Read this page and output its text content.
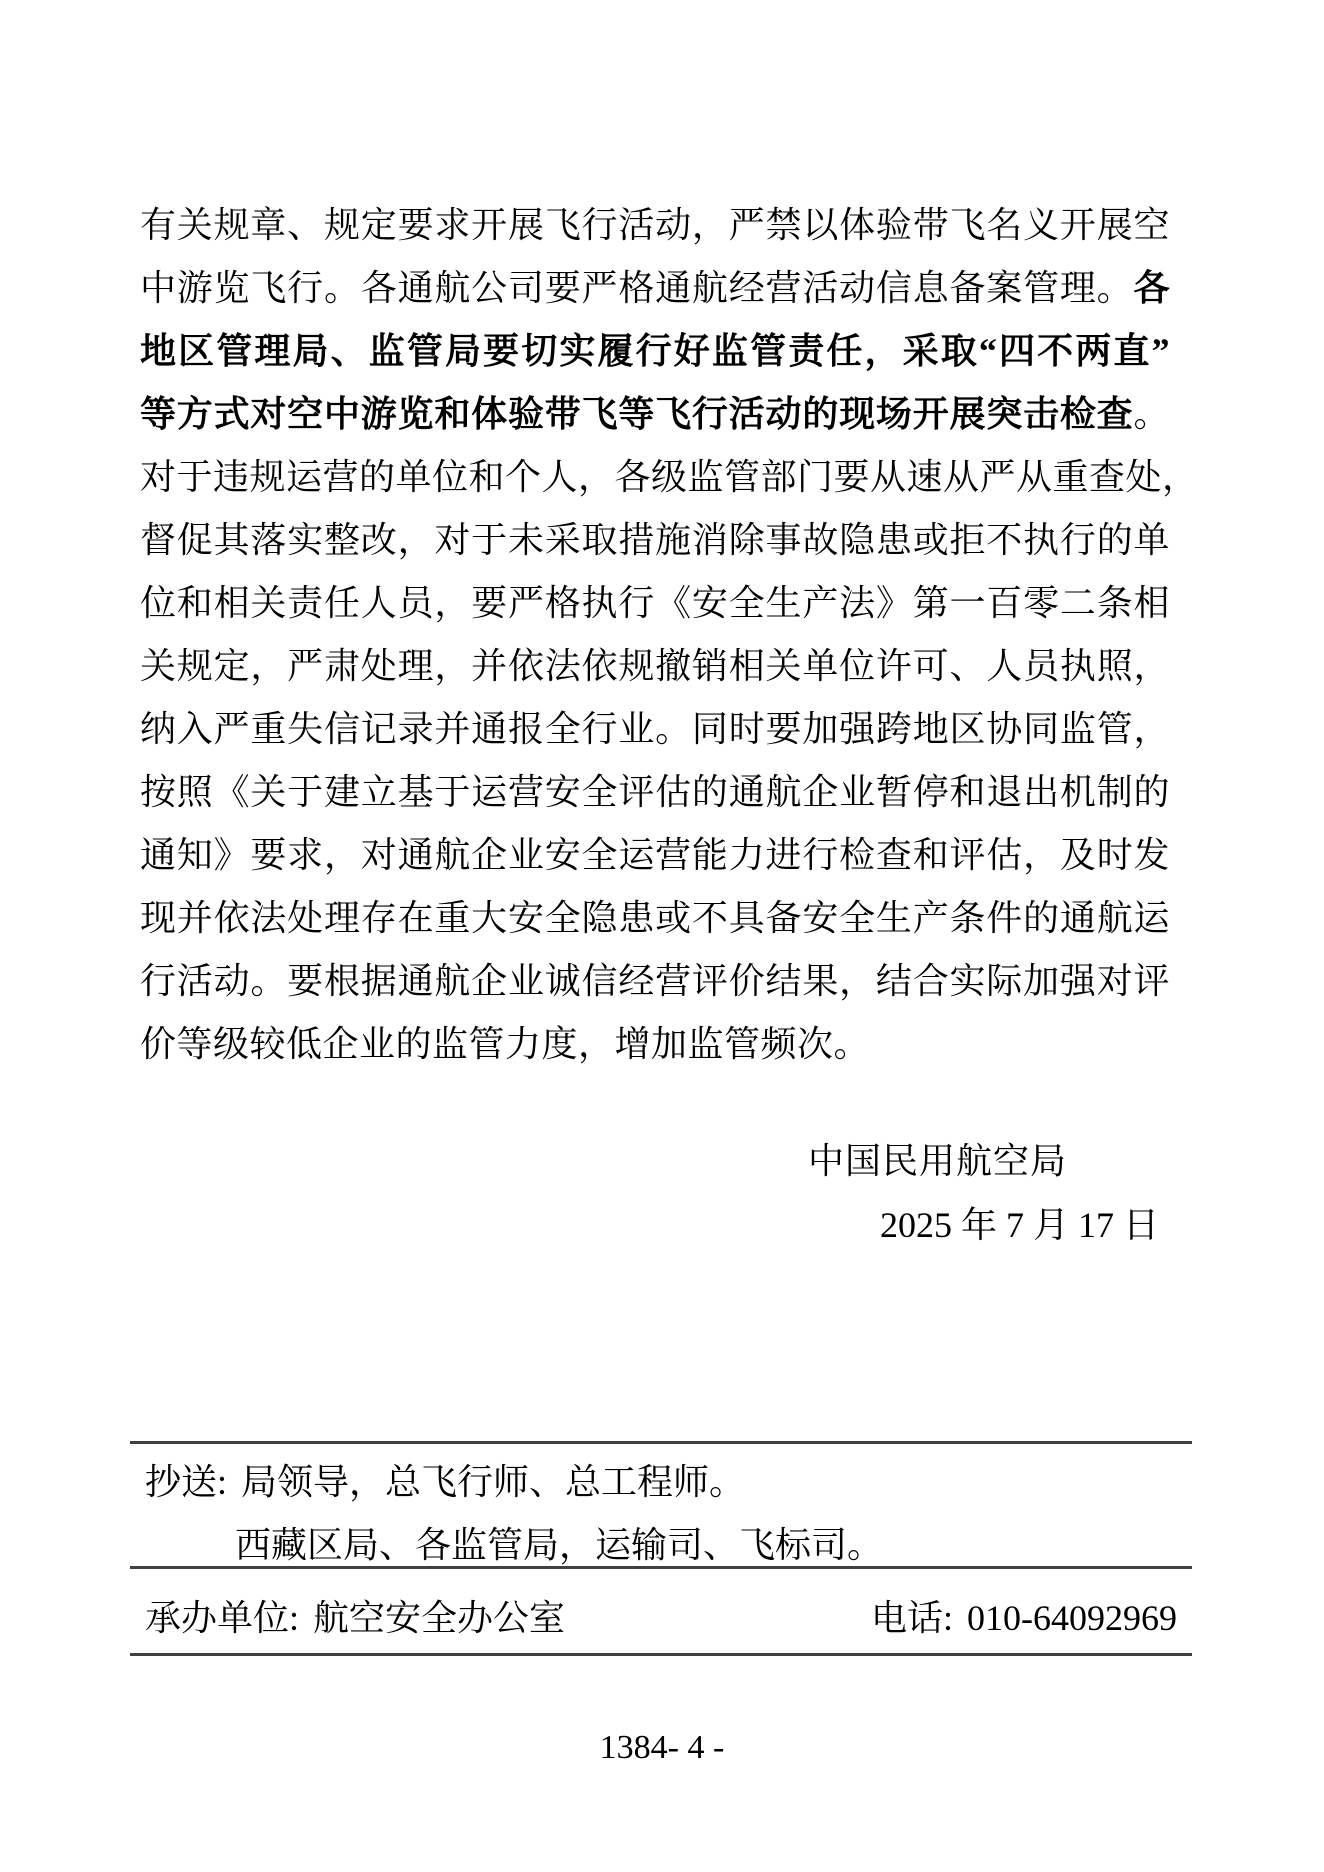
有关规章、规定要求开展飞行活动，严禁以体验带飞名义开展空
中游览飞行。各通航公司要严格通航经营活动信息备案管理。各
地区管理局、监管局要切实履行好监管责任，采取“四不两直”
等方式对空中游览和体验带飞等飞行活动的现场开展突击检查。
对于违规运营的单位和个人，各级监管部门要从速从严从重查处，
督促其落实整改，对于未采取措施消除事故隐患或拒不执行的单
位和相关责任人员，要严格执行《安全生产法》第一百零二条相
关规定，严肃处理，并依法依规撤销相关单位许可、人员执照，
纳入严重失信记录并通报全行业。同时要加强跨地区协同监管，
按照《关于建立基于运营安全评估的通航企业暂停和退出机制的
通知》要求，对通航企业安全运营能力进行检查和评估，及时发
现并依法处理存在重大安全隐患或不具备安全生产条件的通航运
行活动。要根据通航企业诚信经营评价结果，结合实际加强对评
价等级较低企业的监管力度，增加监管频次。
中国民用航空局
2025 年 7 月 17 日
抄送: 局领导，总飞行师、总工程师。
西藏区局、各监管局，运输司、飞标司。
承办单位: 航空安全办公室	电话: 010-64092969
1384- 4 -
